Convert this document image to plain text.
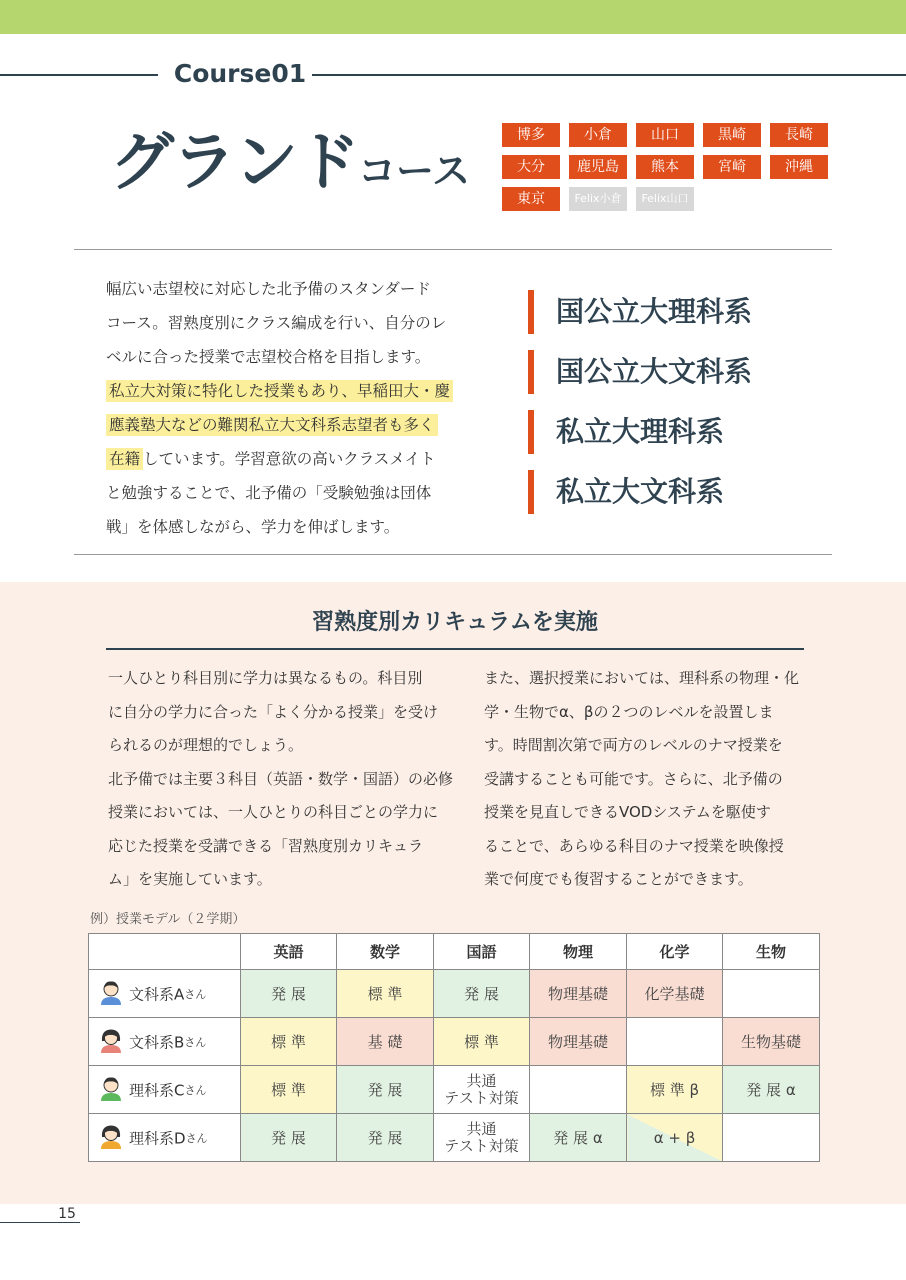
Course01
グランドコース
博多	小倉	山口	黒崎	長崎
大分	鹿児島	熊本	宮崎	沖縄
東京	Felix小倉	Felix山口
幅広い志望校に対応した北予備のスタンダード
コース。習熟度別にクラス編成を行い、自分のレ
ベルに合った授業で志望校合格を目指します。
私立大対策に特化した授業もあり、早稲田大・慶
應義塾大などの難関私立大文科系志望者も多く
在籍 しています。学習意欲の高いクラスメイト
と勉強することで、北予備の「受験勉強は団体
戦」を体感しながら、学力を伸ばします。
国公立大理科系
国公立大文科系
私立大理科系
私立大文科系
習熟度別カリキュラムを実施
一人ひとり科目別に学力は異なるもの。科目別
に自分の学力に合った「よく分かる授業」を受け
られるのが理想的でしょう。
北予備では主要３科目（英語・数学・国語）の必修
授業においては、一人ひとりの科目ごとの学力に
応じた授業を受講できる「習熟度別カリキュラ
ム」を実施しています。
また、選択授業においては、理科系の物理・化
学・生物でα、βの２つのレベルを設置しま
す。時間割次第で両方のレベルのナマ授業を
受講することも可能です。さらに、北予備の
授業を見直しできるVODシステムを駆使す
ることで、あらゆる科目のナマ授業を映像授
業で何度でも復習することができます。
例）授業モデル（２学期）
	英語	数学	国語	物理	化学	生物
文科系Aさん	発 展	標 準	発 展	物理基礎	化学基礎	
文科系Bさん	標 準	基 礎	標 準	物理基礎		生物基礎
理科系Cさん	標 準	発 展	共通
テスト対策		標 準 β	発 展 α
理科系Dさん	発 展	発 展	共通
テスト対策	発 展 α	α + β	
15
